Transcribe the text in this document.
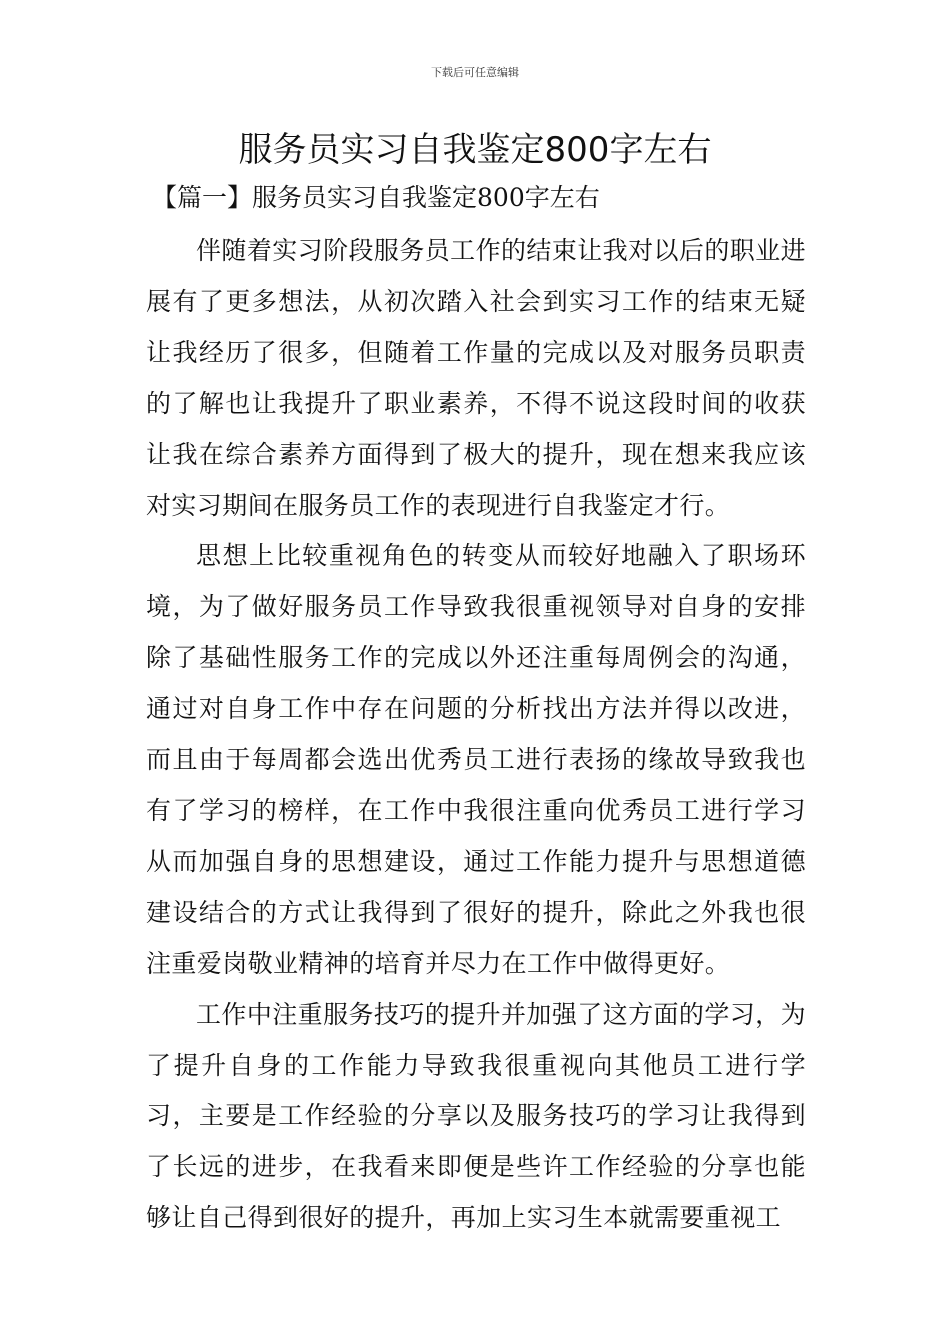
下载后可任意编辑
服务员实习自我鉴定800字左右
【篇一】服务员实习自我鉴定800字左右

伴随着实习阶段服务员工作的结束让我对以后的职业进展有了更多想法，从初次踏入社会到实习工作的结束无疑让我经历了很多，但随着工作量的完成以及对服务员职责的了解也让我提升了职业素养，不得不说这段时间的收获让我在综合素养方面得到了极大的提升，现在想来我应该对实习期间在服务员工作的表现进行自我鉴定才行。

思想上比较重视角色的转变从而较好地融入了职场环境，为了做好服务员工作导致我很重视领导对自身的安排除了基础性服务工作的完成以外还注重每周例会的沟通，通过对自身工作中存在问题的分析找出方法并得以改进，而且由于每周都会选出优秀员工进行表扬的缘故导致我也有了学习的榜样，在工作中我很注重向优秀员工进行学习从而加强自身的思想建设，通过工作能力提升与思想道德建设结合的方式让我得到了很好的提升，除此之外我也很注重爱岗敬业精神的培育并尽力在工作中做得更好。

工作中注重服务技巧的提升并加强了这方面的学习，为了提升自身的工作能力导致我很重视向其他员工进行学习，主要是工作经验的分享以及服务技巧的学习让我得到了长远的进步，在我看来即便是些许工作经验的分享也能够让自己得到很好的提升，再加上实习生本就需要重视工
